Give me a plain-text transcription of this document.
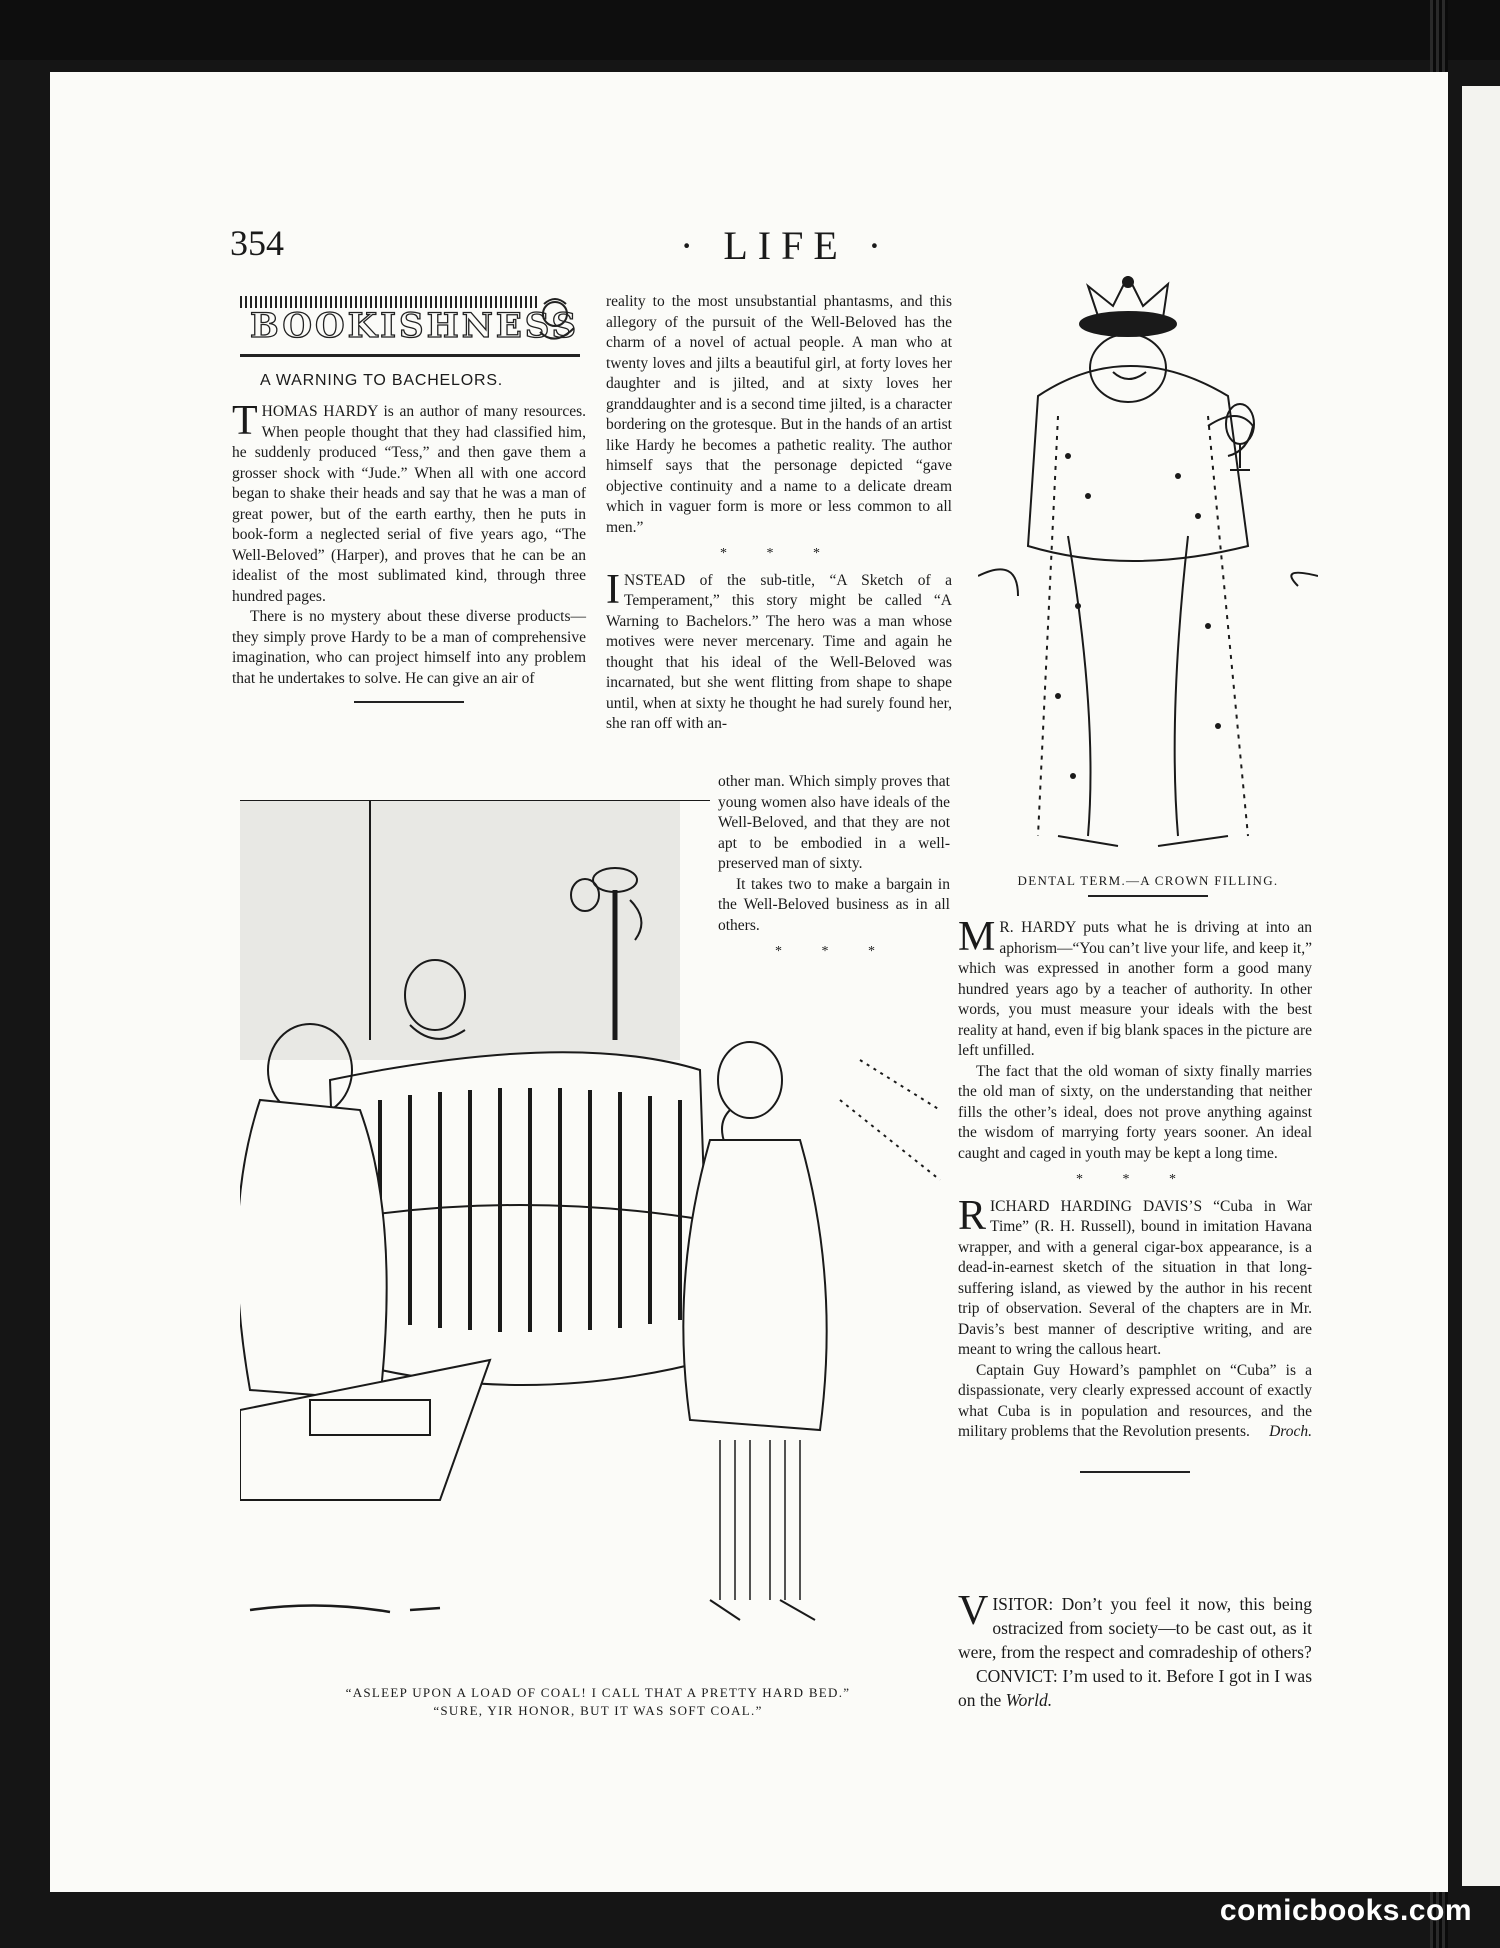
354	· LIFE ·
BOOKISHNESS
A WARNING TO BACHELORS.

THOMAS HARDY is an author of many resources. When people thought that they had classified him, he suddenly produced “Tess,” and then gave them a grosser shock with “Jude.” When all with one accord began to shake their heads and say that he was a man of great power, but of the earth earthy, then he puts in book-form a neglected serial of five years ago, “The Well-Beloved” (Harper), and proves that he can be an idealist of the most sublimated kind, through three hundred pages.

There is no mystery about these diverse products—they simply prove Hardy to be a man of comprehensive imagination, who can project himself into any problem that he undertakes to solve. He can give an air of

reality to the most unsubstantial phantasms, and this allegory of the pursuit of the Well-Beloved has the charm of a novel of actual people. A man who at twenty loves and jilts a beautiful girl, at forty loves her daughter and is jilted, and at sixty loves her granddaughter and is a second time jilted, is a character bordering on the grotesque. But in the hands of an artist like Hardy he becomes a pathetic reality. The author himself says that the personage depicted “gave objective continuity and a name to a delicate dream which in vaguer form is more or less common to all men.”

* * *

INSTEAD of the sub-title, “A Sketch of a Temperament,” this story might be called “A Warning to Bachelors.” The hero was a man whose motives were never mercenary. Time and again he thought that his ideal of the Well-Beloved was incarnated, but she went flitting from shape to shape until, when at sixty he thought he had surely found her, she ran off with an-

other man. Which simply proves that young women also have ideals of the Well-Beloved, and that they are not apt to be embodied in a well-preserved man of sixty.

It takes two to make a bargain in the Well-Beloved business as in all others.

* * *
DENTAL TERM.—A CROWN FILLING.

MR. HARDY puts what he is driving at into an aphorism—“You can’t live your life, and keep it,” which was expressed in another form a good many hundred years ago by a teacher of authority. In other words, you must measure your ideals with the best reality at hand, even if big blank spaces in the picture are left unfilled.

The fact that the old woman of sixty finally marries the old man of sixty, on the understanding that neither fills the other’s ideal, does not prove anything against the wisdom of marrying forty years sooner. An ideal caught and caged in youth may be kept a long time.

* * *

RICHARD HARDING DAVIS’S “Cuba in War Time” (R. H. Russell), bound in imitation Havana wrapper, and with a general cigar-box appearance, is a dead-in-earnest sketch of the situation in that long-suffering island, as viewed by the author in his recent trip of observation. Several of the chapters are in Mr. Davis’s best manner of descriptive writing, and are meant to wring the callous heart.

Captain Guy Howard’s pamphlet on “Cuba” is a dispassionate, very clearly expressed account of exactly what Cuba is in population and resources, and the military problems that the Revolution presents.	Droch.

VISITOR: Don’t you feel it now, this being ostracized from society—to be cast out, as it were, from the respect and comradeship of others?

CONVICT: I’m used to it. Before I got in I was on the World.

“ASLEEP UPON A LOAD OF COAL! I CALL THAT A PRETTY HARD BED.”
“SURE, YIR HONOR, BUT IT WAS SOFT COAL.”
comicbooks.com
